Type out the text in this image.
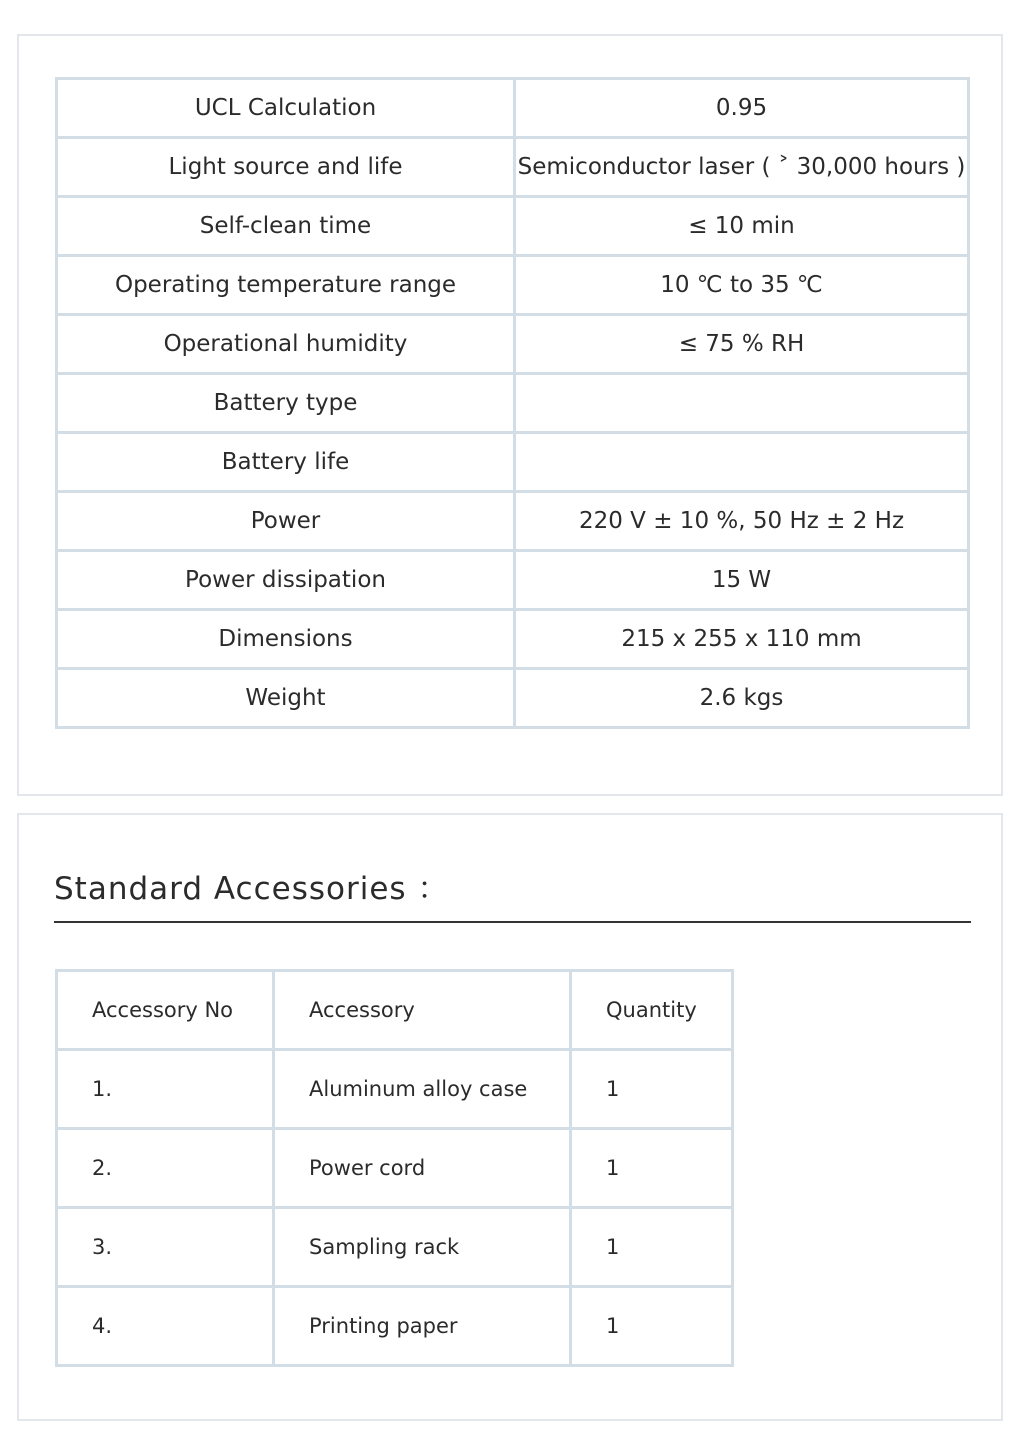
UCL Calculation	0.95
Light source and life	Semiconductor laser ( ˃ 30,000 hours )
Self-clean time	≤ 10 min
Operating temperature range	10 ℃ to 35 ℃
Operational humidity	≤ 75 % RH
Battery type	
Battery life	
Power	220 V ± 10 %, 50 Hz ± 2 Hz
Power dissipation	15 W
Dimensions	215 x 255 x 110 mm
Weight	2.6 kgs
Standard Accessories ：
Accessory No	Accessory	Quantity
1.	Aluminum alloy case	1
2.	Power cord	1
3.	Sampling rack	1
4.	Printing paper	1
